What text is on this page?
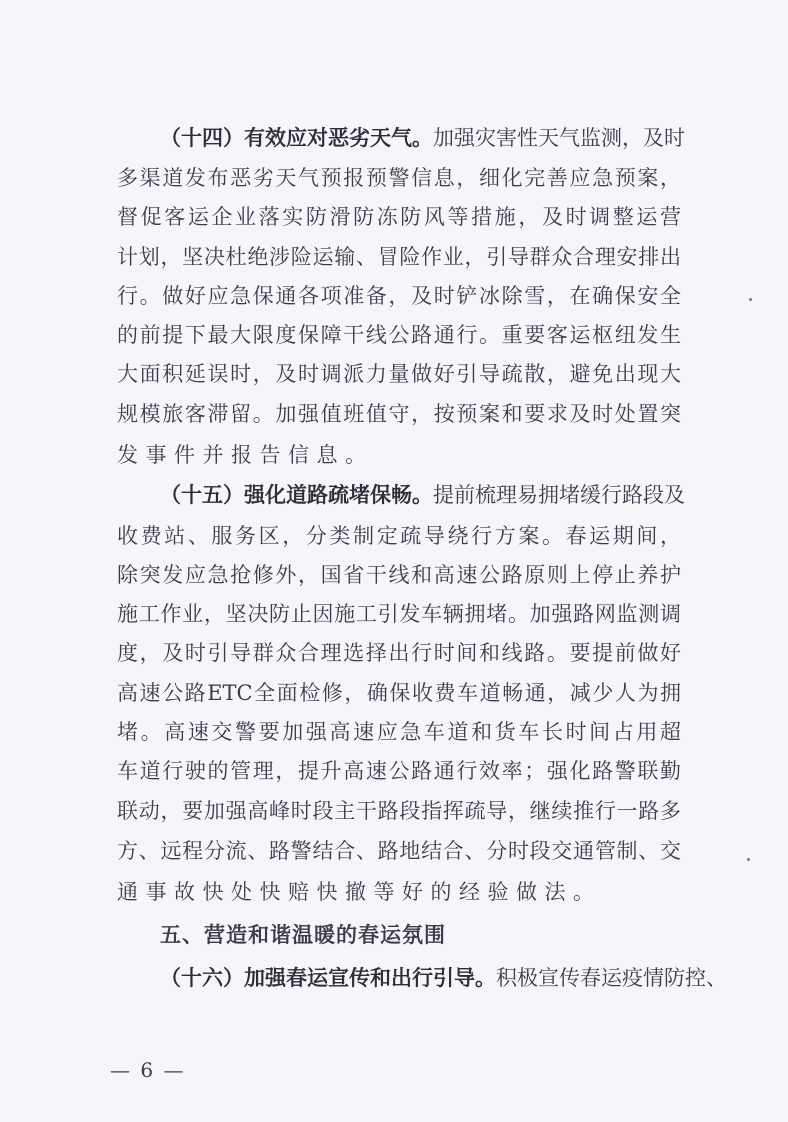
（十四）有效应对恶劣天气。加强灾害性天气监测，及时
多渠道发布恶劣天气预报预警信息，细化完善应急预案，
督促客运企业落实防滑防冻防风等措施，及时调整运营
计划，坚决杜绝涉险运输、冒险作业，引导群众合理安排出
行。做好应急保通各项准备，及时铲冰除雪，在确保安全
的前提下最大限度保障干线公路通行。重要客运枢纽发生
大面积延误时，及时调派力量做好引导疏散，避免出现大
规模旅客滞留。加强值班值守，按预案和要求及时处置突
发事件并报告信息。
（十五）强化道路疏堵保畅。提前梳理易拥堵缓行路段及
收费站、服务区，分类制定疏导绕行方案。春运期间，
除突发应急抢修外，国省干线和高速公路原则上停止养护
施工作业，坚决防止因施工引发车辆拥堵。加强路网监测调
度，及时引导群众合理选择出行时间和线路。要提前做好
高速公路ETC全面检修，确保收费车道畅通，减少人为拥
堵。高速交警要加强高速应急车道和货车长时间占用超
车道行驶的管理，提升高速公路通行效率；强化路警联勤
联动，要加强高峰时段主干路段指挥疏导，继续推行一路多
方、远程分流、路警结合、路地结合、分时段交通管制、交
通事故快处快赔快撤等好的经验做法。
五、营造和谐温暖的春运氛围
（十六）加强春运宣传和出行引导。积极宣传春运疫情防控、
— 6 —
